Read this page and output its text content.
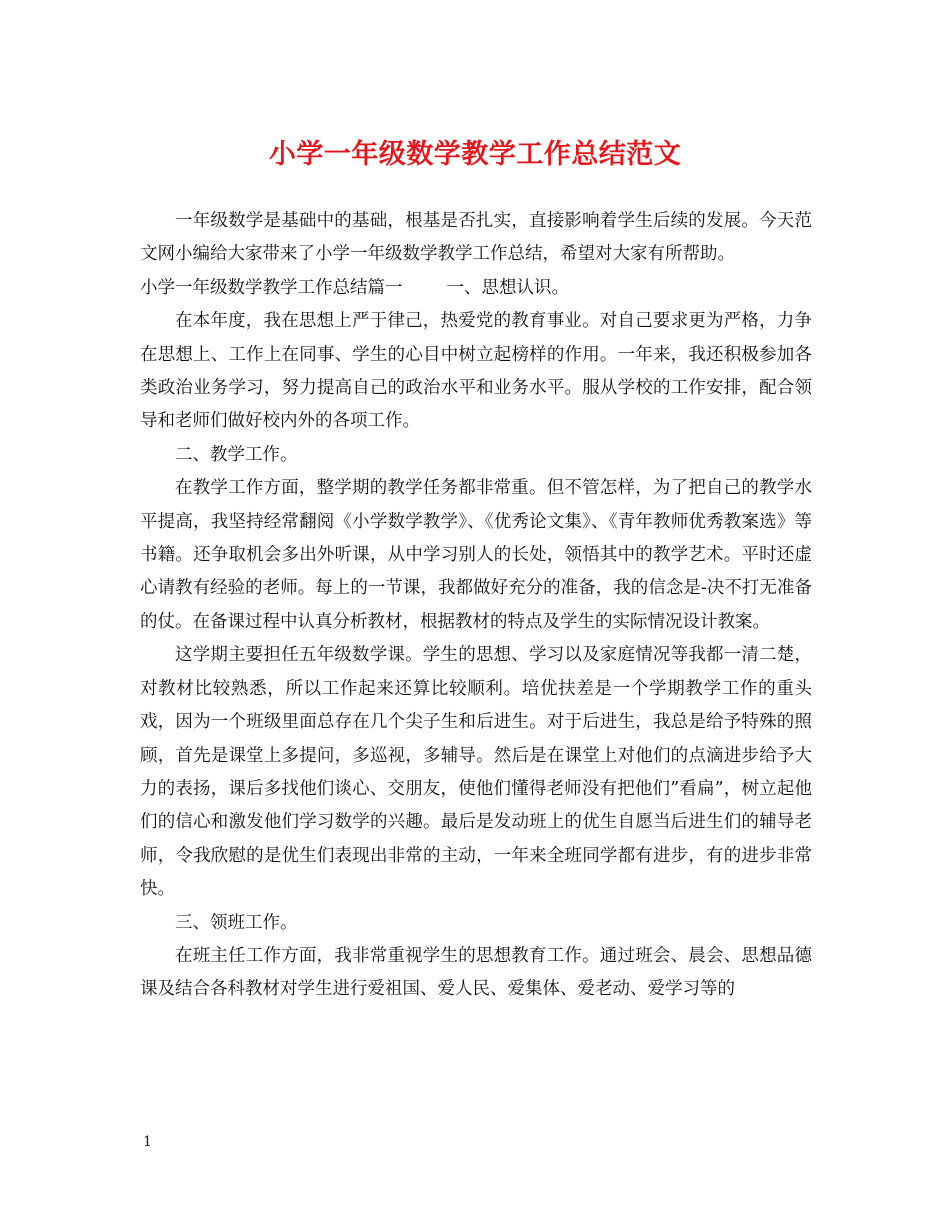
小学一年级数学教学工作总结范文

一年级数学是基础中的基础，根基是否扎实，直接影响着学生后续的发展。今天范文网小编给大家带来了小学一年级数学教学工作总结，希望对大家有所帮助。

小学一年级数学教学工作总结篇一	一、思想认识。

在本年度，我在思想上严于律己，热爱党的教育事业。对自己要求更为严格，力争在思想上、工作上在同事、学生的心目中树立起榜样的作用。一年来，我还积极参加各类政治业务学习，努力提高自己的政治水平和业务水平。服从学校的工作安排，配合领导和老师们做好校内外的各项工作。

二、教学工作。

在教学工作方面，整学期的教学任务都非常重。但不管怎样，为了把自己的教学水平提高，我坚持经常翻阅《小学数学教学》、《优秀论文集》、《青年教师优秀教案选》等书籍。还争取机会多出外听课，从中学习别人的长处，领悟其中的教学艺术。平时还虚心请教有经验的老师。每上的一节课，我都做好充分的准备，我的信念是-决不打无准备的仗。在备课过程中认真分析教材，根据教材的特点及学生的实际情况设计教案。

这学期主要担任五年级数学课。学生的思想、学习以及家庭情况等我都一清二楚，对教材比较熟悉，所以工作起来还算比较顺利。培优扶差是一个学期教学工作的重头戏，因为一个班级里面总存在几个尖子生和后进生。对于后进生，我总是给予特殊的照顾，首先是课堂上多提问，多巡视，多辅导。然后是在课堂上对他们的点滴进步给予大力的表扬，课后多找他们谈心、交朋友，使他们懂得老师没有把他们”看扁”，树立起他们的信心和激发他们学习数学的兴趣。最后是发动班上的优生自愿当后进生们的辅导老师，令我欣慰的是优生们表现出非常的主动，一年来全班同学都有进步，有的进步非常快。

三、领班工作。

在班主任工作方面，我非常重视学生的思想教育工作。通过班会、晨会、思想品德课及结合各科教材对学生进行爱祖国、爱人民、爱集体、爱老动、爱学习等的

1
